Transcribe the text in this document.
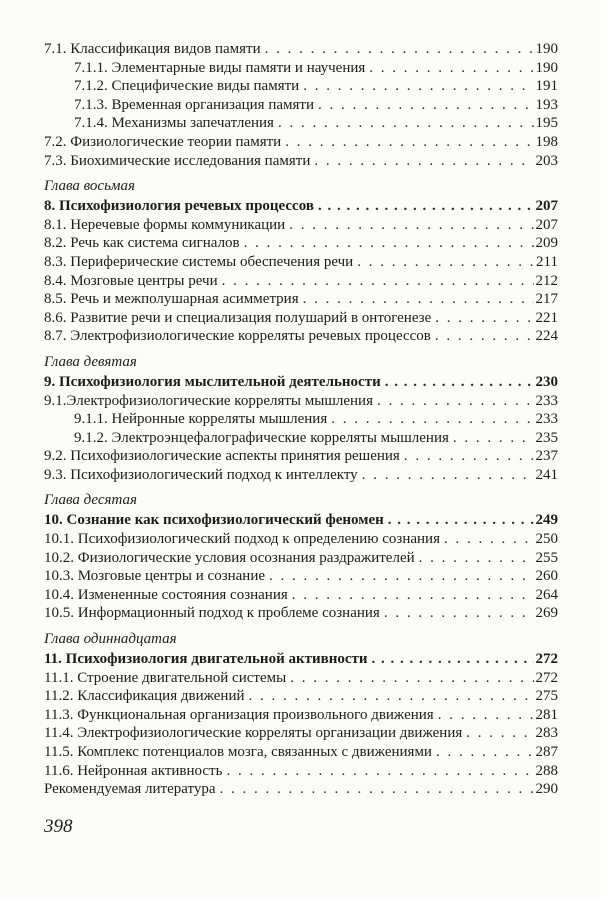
7.1. Классификация видов памяти . . .	190
7.1.1. Элементарные виды памяти и научения . . .	190
7.1.2. Специфические виды памяти . . .	191
7.1.3. Временная организация памяти . . .	193
7.1.4. Механизмы запечатления . . .	195
7.2. Физиологические теории памяти . . .	198
7.3. Биохимические исследования памяти . . .	203
Глава восьмая
8. Психофизиология речевых процессов . . .	207
8.1. Неречевые формы коммуникации . . .	207
8.2. Речь как система сигналов . . .	209
8.3. Периферические системы обеспечения речи . . .	211
8.4. Мозговые центры речи . . .	212
8.5. Речь и межполушарная асимметрия . . .	217
8.6. Развитие речи и специализация полушарий в онтогенезе . . .	221
8.7. Электрофизиологические корреляты речевых процессов . . .	224
Глава девятая
9. Психофизиология мыслительной деятельности . . .	230
9.1.Электрофизиологические корреляты мышления . . .	233
9.1.1. Нейронные корреляты мышления . . .	233
9.1.2. Электроэнцефалографические корреляты мышления . . .	235
9.2. Психофизиологические аспекты принятия решения . . .	237
9.3. Психофизиологический подход к интеллекту . . .	241
Глава десятая
10. Сознание как психофизиологический феномен . . .	249
10.1. Психофизиологический подход к определению сознания . . .	250
10.2. Физиологические условия осознания раздражителей . . .	255
10.3. Мозговые центры и сознание . . .	260
10.4. Измененные состояния сознания . . .	264
10.5. Информационный подход к проблеме сознания . . .	269
Глава одиннадцатая
11. Психофизиология двигательной активности . . .	272
11.1. Строение двигательной системы . . .	272
11.2. Классификация движений . . .	275
11.3. Функциональная организация произвольного движения . . .	281
11.4. Электрофизиологические корреляты организации движения . . .	283
11.5. Комплекс потенциалов мозга, связанных с движениями . . .	287
11.6. Нейронная активность . . .	288
Рекомендуемая литература . . .	290
398
